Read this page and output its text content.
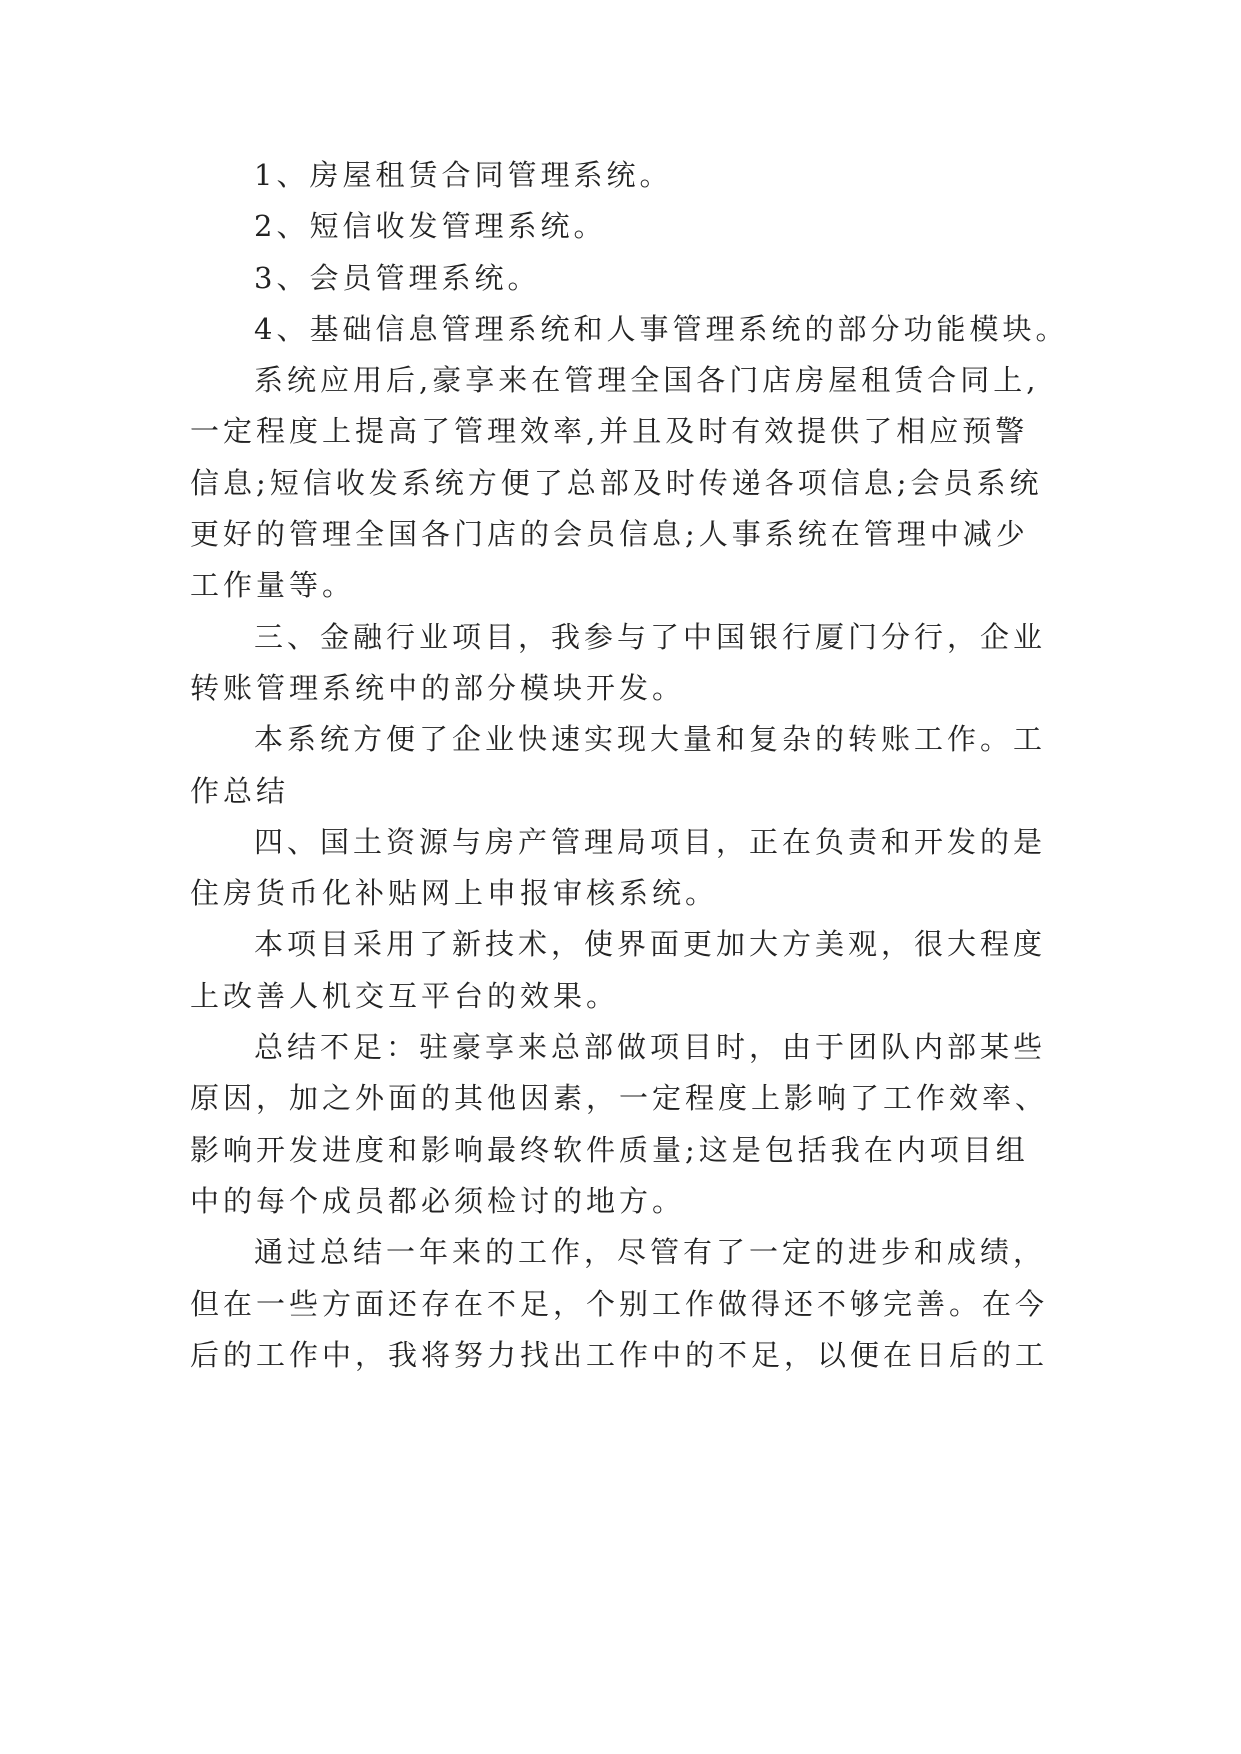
1、房屋租赁合同管理系统。

2、短信收发管理系统。

3、会员管理系统。

4、基础信息管理系统和人事管理系统的部分功能模块。

系统应用后,豪享来在管理全国各门店房屋租赁合同上,

一定程度上提高了管理效率,并且及时有效提供了相应预警

信息;短信收发系统方便了总部及时传递各项信息;会员系统

更好的管理全国各门店的会员信息;人事系统在管理中减少

工作量等。

三、金融行业项目，我参与了中国银行厦门分行，企业

转账管理系统中的部分模块开发。

本系统方便了企业快速实现大量和复杂的转账工作。工

作总结

四、国土资源与房产管理局项目，正在负责和开发的是

住房货币化补贴网上申报审核系统。

本项目采用了新技术，使界面更加大方美观，很大程度

上改善人机交互平台的效果。

总结不足：驻豪享来总部做项目时，由于团队内部某些

原因，加之外面的其他因素，一定程度上影响了工作效率、

影响开发进度和影响最终软件质量;这是包括我在内项目组

中的每个成员都必须检讨的地方。

通过总结一年来的工作，尽管有了一定的进步和成绩，

但在一些方面还存在不足，个别工作做得还不够完善。在今

后的工作中，我将努力找出工作中的不足，以便在日后的工
